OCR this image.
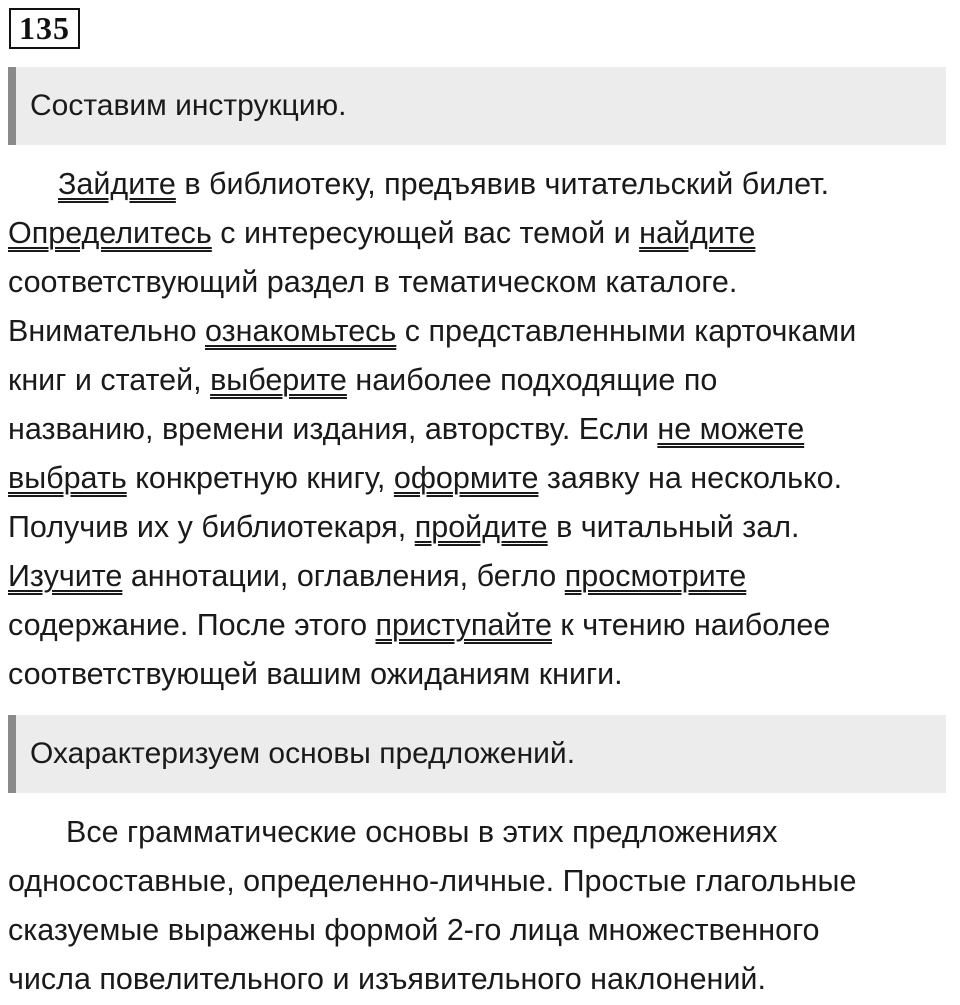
135
Составим инструкцию.

Зайдите в библиотеку, предъявив читательский билет.
Определитесь с интересующей вас темой и найдите
соответствующий раздел в тематическом каталоге.
Внимательно ознакомьтесь с представленными карточками
книг и статей, выберите наиболее подходящие по
названию, времени издания, авторству. Если не можете
выбрать конкретную книгу, оформите заявку на несколько.
Получив их у библиотекаря, пройдите в читальный зал.
Изучите аннотации, оглавления, бегло просмотрите
содержание. После этого приступайте к чтению наиболее
соответствующей вашим ожиданиям книги.

Охарактеризуем основы предложений.

Все грамматические основы в этих предложениях
односоставные, определенно-личные. Простые глагольные
сказуемые выражены формой 2-го лица множественного
числа повелительного и изъявительного наклонений.
